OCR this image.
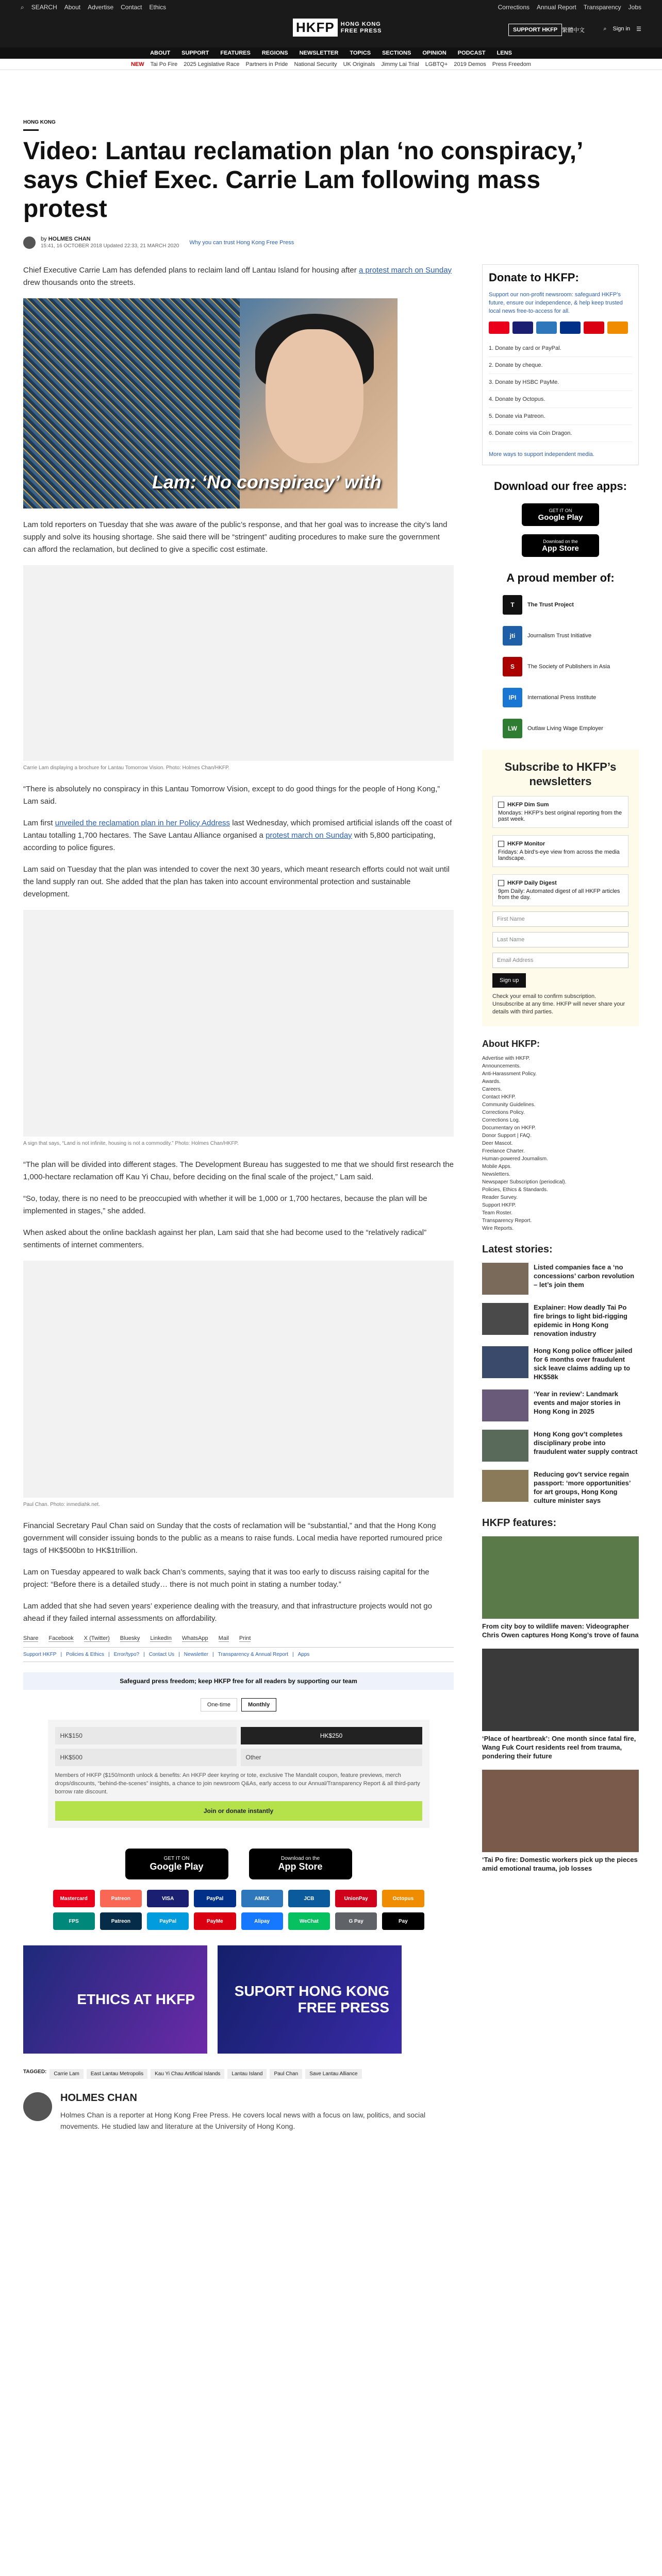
⌕ SEARCH About Advertise Contact Ethics	Corrections Annual Report Transparency Jobs
HKFP	HONG KONG
FREE PRESS	SUPPORT HKFP 繁體中文	⌕ Sign in ☰
ABOUT SUPPORT FEATURES REGIONS NEWSLETTER TOPICS SECTIONS OPINION PODCAST LENS
NEW Tai Po Fire 2025 Legislative Race Partners in Pride National Security UK Originals Jimmy Lai Trial LGBTQ+ 2019 Demos Press Freedom
HONG KONG
Video: Lantau reclamation plan ‘no conspiracy,’ says Chief Exec. Carrie Lam following mass protest
by HOLMES CHAN
15:41, 16 OCTOBER 2018 Updated 22:33, 21 MARCH 2020
Why you can trust Hong Kong Free Press

Chief Executive Carrie Lam has defended plans to reclaim land off Lantau Island for housing after a protest march on Sunday drew thousands onto the streets.

Lam: ‘No conspiracy’ with

Lam told reporters on Tuesday that she was aware of the public’s response, and that her goal was to increase the city’s land supply and solve its housing shortage. She said there will be “stringent” auditing procedures to make sure the government can afford the reclamation, but declined to give a specific cost estimate.

Carrie Lam displaying a brochure for Lantau Tomorrow Vision. Photo: Holmes Chan/HKFP.

“There is absolutely no conspiracy in this Lantau Tomorrow Vision, except to do good things for the people of Hong Kong,” Lam said.

Lam first unveiled the reclamation plan in her Policy Address last Wednesday, which promised artificial islands off the coast of Lantau totalling 1,700 hectares. The Save Lantau Alliance organised a protest march on Sunday with 5,800 participating, according to police figures.

Lam said on Tuesday that the plan was intended to cover the next 30 years, which meant research efforts could not wait until the land supply ran out. She added that the plan has taken into account environmental protection and sustainable development.

A sign that says, “Land is not infinite, housing is not a commodity.” Photo: Holmes Chan/HKFP.

“The plan will be divided into different stages. The Development Bureau has suggested to me that we should first research the 1,000-hectare reclamation off Kau Yi Chau, before deciding on the final scale of the project,” Lam said.

“So, today, there is no need to be preoccupied with whether it will be 1,000 or 1,700 hectares, because the plan will be implemented in stages,” she added.

When asked about the online backlash against her plan, Lam said that she had become used to the “relatively radical” sentiments of internet commenters.

Paul Chan. Photo: inmediahk.net.

Financial Secretary Paul Chan said on Sunday that the costs of reclamation will be “substantial,” and that the Hong Kong government will consider issuing bonds to the public as a means to raise funds. Local media have reported rumoured price tags of HK$500bn to HK$1trillion.

Lam on Tuesday appeared to walk back Chan’s comments, saying that it was too early to discuss raising capital for the project: “Before there is a detailed study… there is not much point in stating a number today.”

Lam added that she had seven years’ experience dealing with the treasury, and that infrastructure projects would not go ahead if they failed internal assessments on affordability.

Share Facebook X (Twitter) Bluesky LinkedIn WhatsApp Mail Print
Support HKFP | Policies & Ethics | Error/typo? | Contact Us | Newsletter | Transparency & Annual Report | Apps
Safeguard press freedom; keep HKFP free for all readers by supporting our team
One-time	Monthly
HK$150	HK$250
HK$500	Other
Members of HKFP ($150/month unlock & benefits: An HKFP deer keyring or tote, exclusive The Mandalit coupon, feature previews, merch drops/discounts, “behind-the-scenes” insights, a chance to join newsroom Q&As, early access to our Annual/Transparency Report & all third-party borrow rate discount.
Join or donate instantly
GET IT ON
Google Play
Download on the
App Store
Mastercard	Patreon	VISA	PayPal	AMEX	JCB	UnionPay	Octopus
FPS	Patreon	PayPal	PayMe	Alipay	WeChat	G Pay	Pay
ETHICS AT HKFP
SUPORT HONG KONG FREE PRESS
TAGGED:	Carrie Lam	East Lantau Metropolis	Kau Yi Chau Artificial Islands	Lantau Island	Paul Chan	Save Lantau Alliance
HOLMES CHAN

Holmes Chan is a reporter at Hong Kong Free Press. He covers local news with a focus on law, politics, and social movements. He studied law and literature at the University of Hong Kong.

Donate to HKFP:
Support our non-profit newsroom: safeguard HKFP’s future, ensure our independence, & help keep trusted local news free-to-access for all.
1. Donate by card or PayPal.
2. Donate by cheque.
3. Donate by HSBC PayMe.
4. Donate by Octopus.
5. Donate via Patreon.
6. Donate coins via Coin Dragon.
More ways to support independent media.
Download our free apps:
GET IT ON
Google Play
Download on the
App Store
A proud member of:
T	The Trust Project
jti	Journalism Trust Initiative
S	The Society of Publishers in Asia
IPI	International Press Institute
LW	Outlaw Living Wage Employer
Subscribe to HKFP’s newsletters
HKFP Dim Sum
Mondays: HKFP’s best original reporting from the past week.
HKFP Monitor
Fridays: A bird’s-eye view from across the media landscape.
HKFP Daily Digest
9pm Daily: Automated digest of all HKFP articles from the day.
First Name
Last Name
Email Address
Sign up
Check your email to confirm subscription. Unsubscribe at any time. HKFP will never share your details with third parties.
About HKFP:
Advertise with HKFP.
Announcements.
Anti-Harassment Policy.
Awards.
Careers.
Contact HKFP.
Community Guidelines.
Corrections Policy.
Corrections Log.
Documentary on HKFP.
Donor Support | FAQ.
Deer Mascot.
Freelance Charter.
Human-powered Journalism.
Mobile Apps.
Newsletters.
Newspaper Subscription (periodical).
Policies, Ethics & Standards.
Reader Survey.
Support HKFP.
Team Roster.
Transparency Report.
Wire Reports.
Latest stories:
Listed companies face a ‘no concessions’ carbon revolution – let’s join them
Explainer: How deadly Tai Po fire brings to light bid-rigging epidemic in Hong Kong renovation industry
Hong Kong police officer jailed for 6 months over fraudulent sick leave claims adding up to HK$58k
‘Year in review’: Landmark events and major stories in Hong Kong in 2025
Hong Kong gov’t completes disciplinary probe into fraudulent water supply contract
Reducing gov’t service regain passport: ‘more opportunities’ for art groups, Hong Kong culture minister says
HKFP features:
From city boy to wildlife maven: Videographer Chris Owen captures Hong Kong’s trove of fauna
‘Place of heartbreak’: One month since fatal fire, Wang Fuk Court residents reel from trauma, pondering their future
‘Tai Po fire: Domestic workers pick up the pieces amid emotional trauma, job losses
